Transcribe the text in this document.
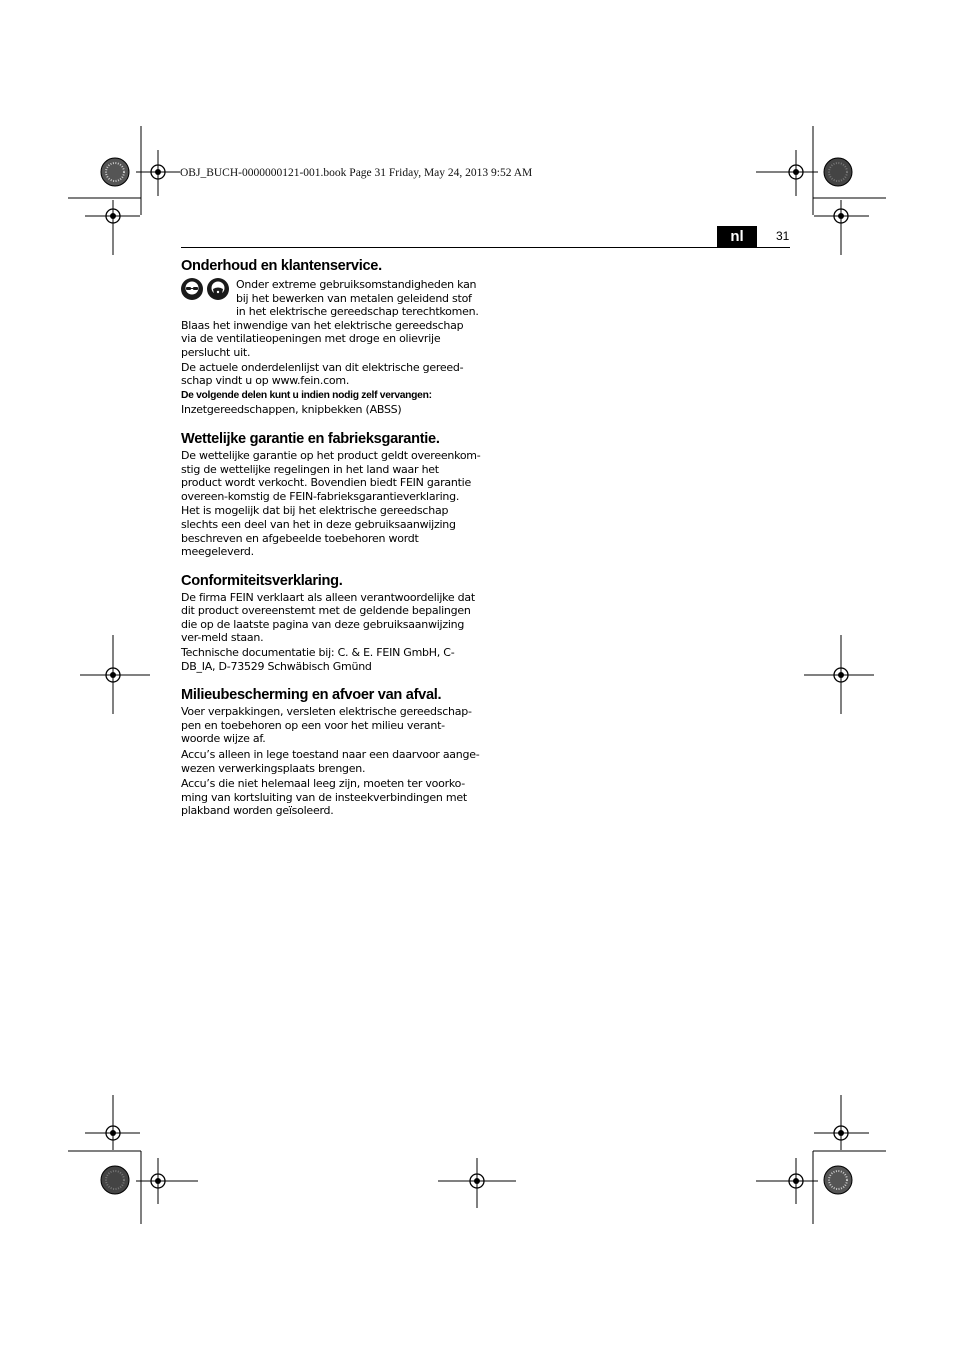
OBJ_BUCH-0000000121-001.book Page 31 Friday, May 24, 2013 9:52 AM
nl	31
Onderhoud en klantenservice.

Onder extreme gebruiksomstandigheden kan bij het bewerken van metalen geleidend stof in het elektrische gereedschap terechtkomen.

Blaas het inwendige van het elektrische gereedschap via de ventilatieopeningen met droge en olievrije perslucht uit.

De actuele onderdelenlijst van dit elektrische gereed-schap vindt u op www.fein.com.

De volgende delen kunt u indien nodig zelf vervangen:

Inzetgereedschappen, knipbekken (ABSS)

Wettelijke garantie en fabrieksgarantie.

De wettelijke garantie op het product geldt overeenkom-stig de wettelijke regelingen in het land waar het product wordt verkocht. Bovendien biedt FEIN garantie overeen-komstig de FEIN-fabrieksgarantieverklaring.

Het is mogelijk dat bij het elektrische gereedschap slechts een deel van het in deze gebruiksaanwijzing beschreven en afgebeelde toebehoren wordt meegeleverd.

Conformiteitsverklaring.

De firma FEIN verklaart als alleen verantwoordelijke dat dit product overeenstemt met de geldende bepalingen die op de laatste pagina van deze gebruiksaanwijzing ver-meld staan.

Technische documentatie bij: C. & E. FEIN GmbH, C-DB_IA, D-73529 Schwäbisch Gmünd

Milieubescherming en afvoer van afval.

Voer verpakkingen, versleten elektrische gereedschap-pen en toebehoren op een voor het milieu verant-woorde wijze af.

Accu’s alleen in lege toestand naar een daarvoor aange-wezen verwerkingsplaats brengen.

Accu’s die niet helemaal leeg zijn, moeten ter voorko-ming van kortsluiting van de insteekverbindingen met plakband worden geïsoleerd.
